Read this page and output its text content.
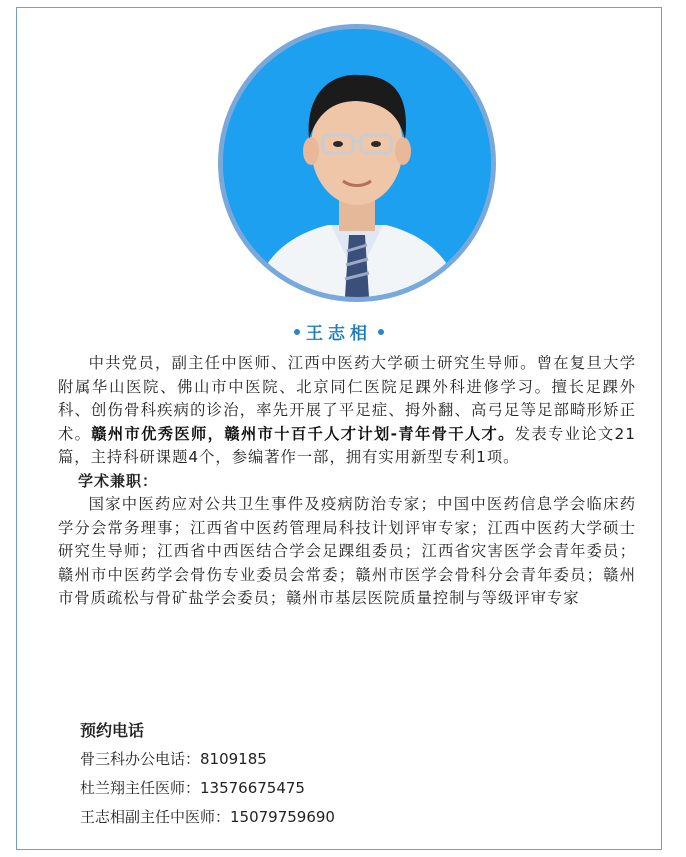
王志相

中共党员，副主任中医师、江西中医药大学硕士研究生导师。曾在复旦大学附属华山医院、佛山市中医院、北京同仁医院足踝外科进修学习。擅长足踝外科、创伤骨科疾病的诊治，率先开展了平足症、拇外翻、高弓足等足部畸形矫正术。赣州市优秀医师，赣州市十百千人才计划-青年骨干人才。发表专业论文21篇，主持科研课题4个，参编著作一部，拥有实用新型专利1项。

学术兼职：

国家中医药应对公共卫生事件及疫病防治专家；中国中医药信息学会临床药学分会常务理事；江西省中医药管理局科技计划评审专家；江西中医药大学硕士研究生导师；江西省中西医结合学会足踝组委员；江西省灾害医学会青年委员；赣州市中医药学会骨伤专业委员会常委；赣州市医学会骨科分会青年委员；赣州市骨质疏松与骨矿盐学会委员；赣州市基层医院质量控制与等级评审专家

预约电话
骨三科办公电话：8109185
杜兰翔主任医师：13576675475
王志相副主任中医师：15079759690
